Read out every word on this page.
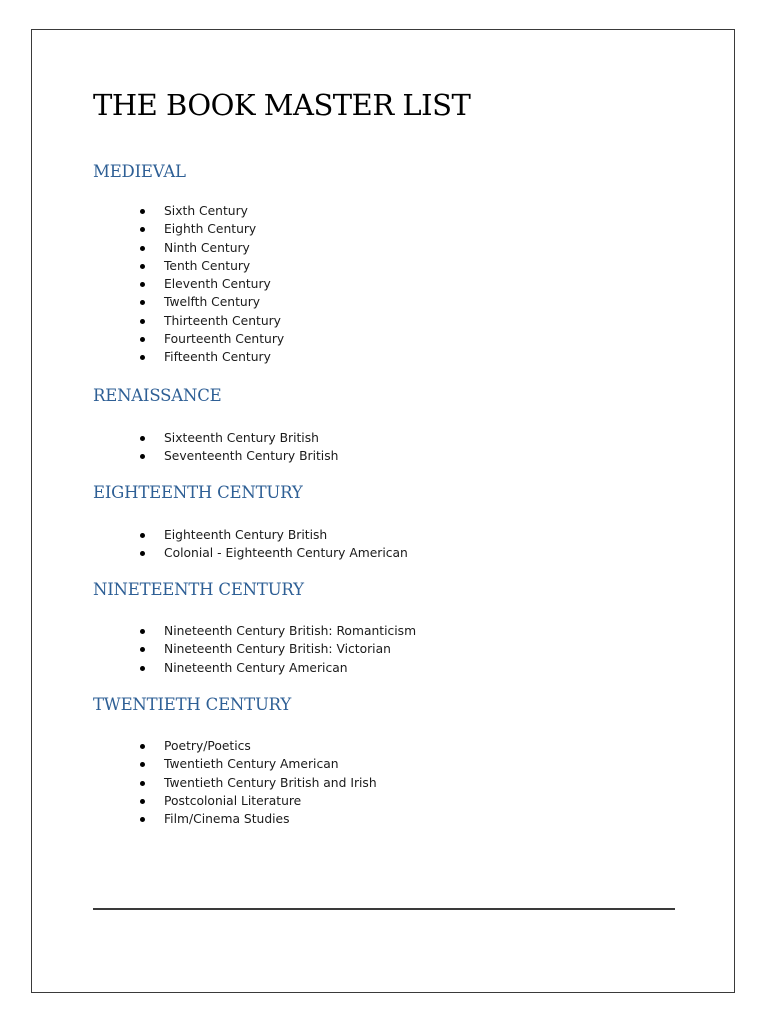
THE BOOK MASTER LIST
MEDIEVAL
Sixth Century
Eighth Century
Ninth Century
Tenth Century
Eleventh Century
Twelfth Century
Thirteenth Century
Fourteenth Century
Fifteenth Century
RENAISSANCE
Sixteenth Century British
Seventeenth Century British
EIGHTEENTH CENTURY
Eighteenth Century British
Colonial - Eighteenth Century American
NINETEENTH CENTURY
Nineteenth Century British: Romanticism
Nineteenth Century British: Victorian
Nineteenth Century American
TWENTIETH CENTURY
Poetry/Poetics
Twentieth Century American
Twentieth Century British and Irish
Postcolonial Literature
Film/Cinema Studies
